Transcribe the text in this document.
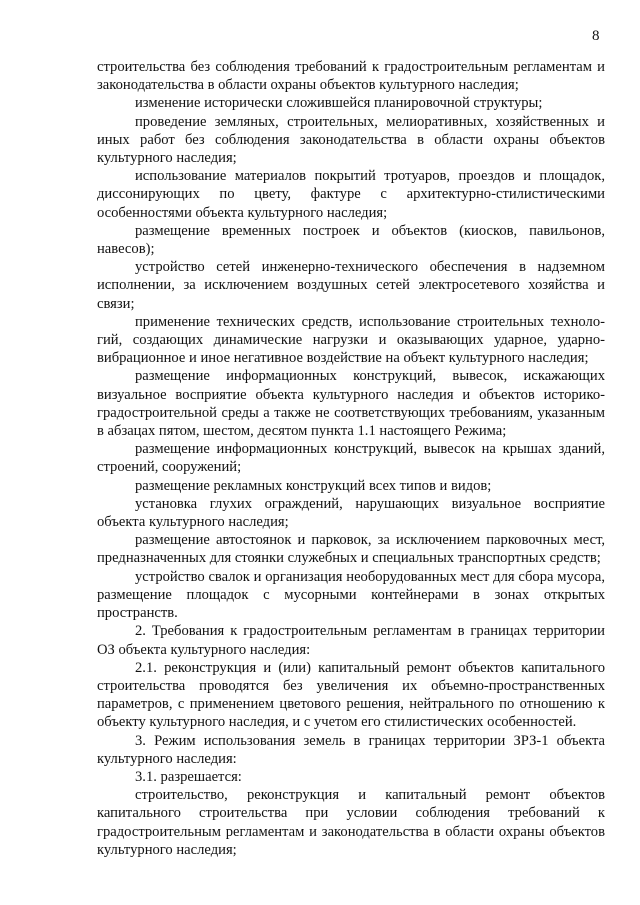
8

строительства без соблюдения требований к градостроительным регламентам и законодательства в области охраны объектов культурного наследия;

изменение исторически сложившейся планировочной структуры;

проведение земляных, строительных, мелиоративных, хозяйственных и иных работ без соблюдения законодательства в области охраны объектов культурного наследия;

использование материалов покрытий тротуаров, проездов и площадок, диссонирующих по цвету, фактуре с архитектурно-стилистическими особенностями объекта культурного наследия;

размещение временных построек и объектов (киосков, павильонов, навесов);

устройство сетей инженерно-технического обеспечения в надземном исполнении, за исключением воздушных сетей электросетевого хозяйства и связи;

применение технических средств, использование строительных технологий, создающих динамические нагрузки и оказывающих ударное, ударно-вибрационное и иное негативное воздействие на объект культурного наследия;

размещение информационных конструкций, вывесок, искажающих визуальное восприятие объекта культурного наследия и объектов историко-градостроительной среды а также не соответствующих требованиям, указанным в абзацах пятом, шестом, десятом пункта 1.1 настоящего Режима;

размещение информационных конструкций, вывесок на крышах зданий, строений, сооружений;

размещение рекламных конструкций всех типов и видов;

установка глухих ограждений, нарушающих визуальное восприятие объекта культурного наследия;

размещение автостоянок и парковок, за исключением парковочных мест, предназначенных для стоянки служебных и специальных транспортных средств;

устройство свалок и организация необорудованных мест для сбора мусора, размещение площадок с мусорными контейнерами в зонах открытых пространств.

2. Требования к градостроительным регламентам в границах территории ОЗ объекта культурного наследия:

2.1. реконструкция и (или) капитальный ремонт объектов капитального строительства проводятся без увеличения их объемно-пространственных параметров, с применением цветового решения, нейтрального по отношению к объекту культурного наследия, и с учетом его стилистических особенностей.

3. Режим использования земель в границах территории ЗРЗ-1 объекта культурного наследия:

3.1. разрешается:

строительство, реконструкция и капитальный ремонт объектов капитального строительства при условии соблюдения требований к градостроительным регламентам и законодательства в области охраны объектов культурного наследия;
